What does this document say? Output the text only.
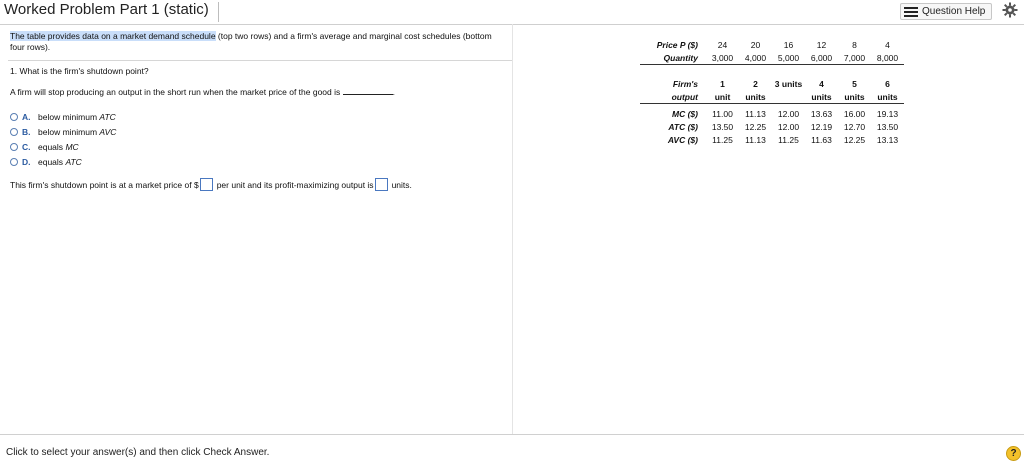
Worked Problem Part 1 (static)	Question Help
The table provides data on a market demand schedule (top two rows) and a firm's average and marginal cost schedules (bottom four rows).
1. What is the firm's shutdown point?
A firm will stop producing an output in the short run when the market price of the good is	.
A. below minimum
ATC
B. below minimum
AVC
C. equals
MC
D. equals
ATC
This firm's shutdown point is at a market price of $ per unit and its profit-maximizing output is units.
Price P ($)	24	20	16	12	8	4
Quantity	3,000	4,000	5,000	6,000	7,000	8,000
Firm's	1	2	3 units	4	5	6
output	unit	units		units	units	units

MC ($)	11.00	11.13	12.00	13.63	16.00	19.13
ATC ($)	13.50	12.25	12.00	12.19	12.70	13.50
AVC ($)	11.25	11.13	11.25	11.63	12.25	13.13
Click to select your answer(s) and then click Check Answer.	?
